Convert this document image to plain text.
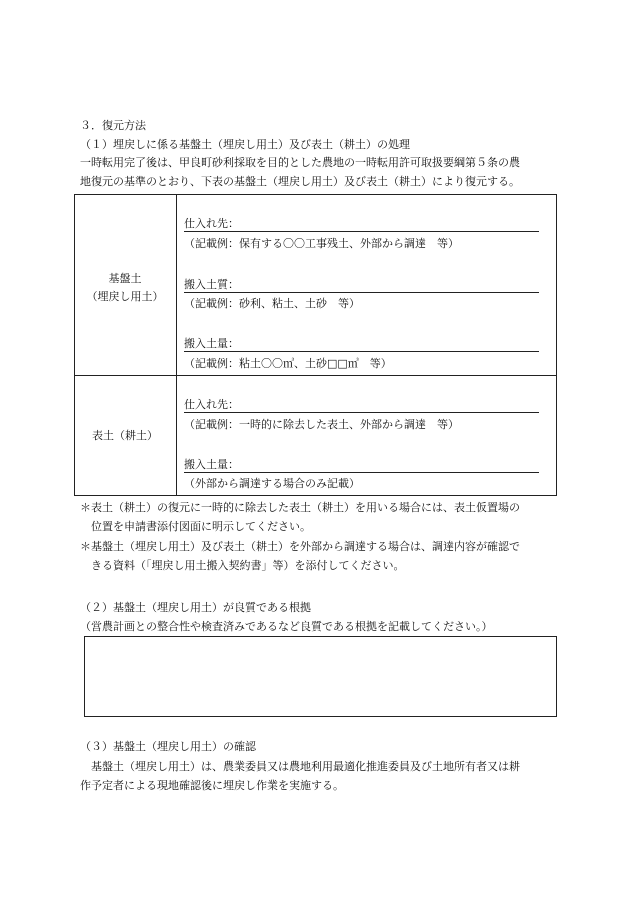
３．復元方法
（１）埋戻しに係る基盤土（埋戻し用土）及び表土（耕土）の処理
一時転用完了後は、甲良町砂利採取を目的とした農地の一時転用許可取扱要綱第５条の農
地復元の基準のとおり、下表の基盤土（埋戻し用土）及び表土（耕土）により復元する。
基盤土
（埋戻し用土）
仕入れ先：
（記載例：保有する〇〇工事残土、外部から調達　等）
搬入土質：
（記載例：砂利、粘土、土砂　等）
搬入土量：
（記載例：粘土〇〇㎥、土砂□□㎥　等）
表土（耕土）
仕入れ先：
（記載例：一時的に除去した表土、外部から調達　等）
搬入土量：
（外部から調達する場合のみ記載）
＊表土（耕土）の復元に一時的に除去した表土（耕土）を用いる場合には、表土仮置場の
位置を申請書添付図面に明示してください。
＊基盤土（埋戻し用土）及び表土（耕土）を外部から調達する場合は、調達内容が確認で
きる資料（「埋戻し用土搬入契約書」等）を添付してください。
（２）基盤土（埋戻し用土）が良質である根拠
（営農計画との整合性や検査済みであるなど良質である根拠を記載してください。）
（３）基盤土（埋戻し用土）の確認
基盤土（埋戻し用土）は、農業委員又は農地利用最適化推進委員及び土地所有者又は耕
作予定者による現地確認後に埋戻し作業を実施する。
